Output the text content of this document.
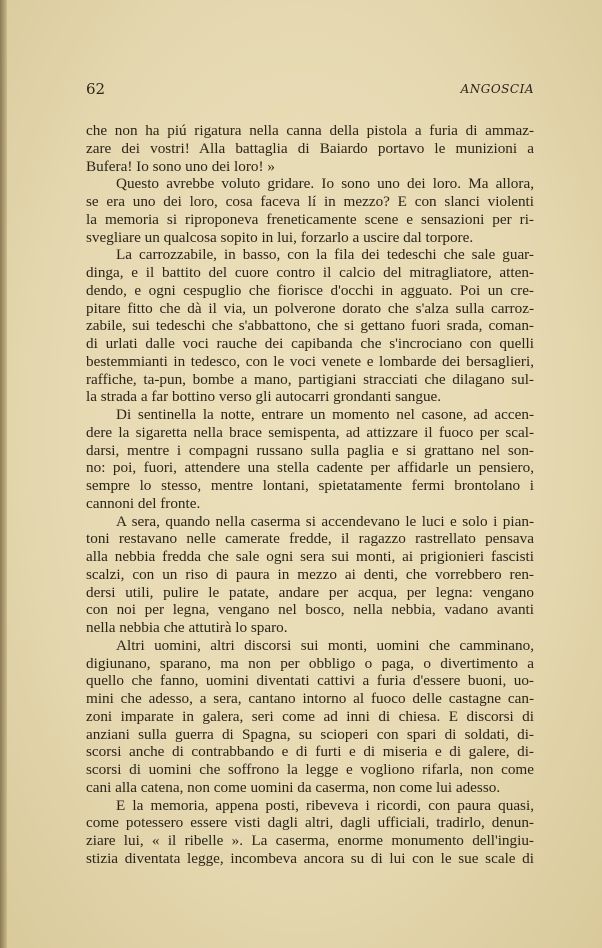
62	ANGOSCIA
che non ha piú rigatura nella canna della pistola a furia di ammaz-
zare dei vostri! Alla battaglia di Baiardo portavo le munizioni a
Bufera! Io sono uno dei loro! »
Questo avrebbe voluto gridare. Io sono uno dei loro. Ma allora,
se era uno dei loro, cosa faceva lí in mezzo? E con slanci violenti
la memoria si riproponeva freneticamente scene e sensazioni per ri-
svegliare un qualcosa sopito in lui, forzarlo a uscire dal torpore.
La carrozzabile, in basso, con la fila dei tedeschi che sale guar-
dinga, e il battito del cuore contro il calcio del mitragliatore, atten-
dendo, e ogni cespuglio che fiorisce d'occhi in agguato. Poi un cre-
pitare fitto che dà il via, un polverone dorato che s'alza sulla carroz-
zabile, sui tedeschi che s'abbattono, che si gettano fuori srada, coman-
di urlati dalle voci rauche dei capibanda che s'incrociano con quelli
bestemmianti in tedesco, con le voci venete e lombarde dei bersaglieri,
raffiche, ta-pun, bombe a mano, partigiani stracciati che dilagano sul-
la strada a far bottino verso gli autocarri grondanti sangue.
Di sentinella la notte, entrare un momento nel casone, ad accen-
dere la sigaretta nella brace semispenta, ad attizzare il fuoco per scal-
darsi, mentre i compagni russano sulla paglia e si grattano nel son-
no: poi, fuori, attendere una stella cadente per affidarle un pensiero,
sempre lo stesso, mentre lontani, spietatamente fermi brontolano i
cannoni del fronte.
A sera, quando nella caserma si accendevano le luci e solo i pian-
toni restavano nelle camerate fredde, il ragazzo rastrellato pensava
alla nebbia fredda che sale ogni sera sui monti, ai prigionieri fascisti
scalzi, con un riso di paura in mezzo ai denti, che vorrebbero ren-
dersi utili, pulire le patate, andare per acqua, per legna: vengano
con noi per legna, vengano nel bosco, nella nebbia, vadano avanti
nella nebbia che attutirà lo sparo.
Altri uomini, altri discorsi sui monti, uomini che camminano,
digiunano, sparano, ma non per obbligo o paga, o divertimento a
quello che fanno, uomini diventati cattivi a furia d'essere buoni, uo-
mini che adesso, a sera, cantano intorno al fuoco delle castagne can-
zoni imparate in galera, seri come ad inni di chiesa. E discorsi di
anziani sulla guerra di Spagna, su scioperi con spari di soldati, di-
scorsi anche di contrabbando e di furti e di miseria e di galere, di-
scorsi di uomini che soffrono la legge e vogliono rifarla, non come
cani alla catena, non come uomini da caserma, non come lui adesso.
E la memoria, appena posti, ribeveva i ricordi, con paura quasi,
come potessero essere visti dagli altri, dagli ufficiali, tradirlo, denun-
ziare lui, « il ribelle ». La caserma, enorme monumento dell'ingiu-
stizia diventata legge, incombeva ancora su di lui con le sue scale di
